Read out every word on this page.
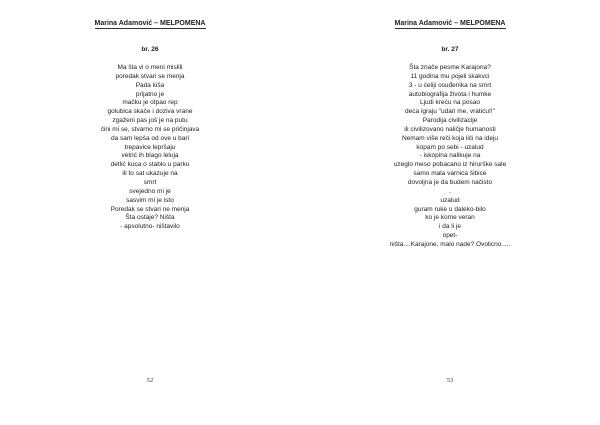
Marina Adamović – MELPOMENA
br. 26
Ma šta vi o meni mislili
poredak stvari se menja
Pada kiša
prijatno je
mačku je otpao rep
golubica skače i doziva vrane
zgaženi pas još je na putu
čini mi se, stvarno mi se pričinjava
da sam lepša od ove u bari
trepavice lepršaju
vetrić ih blago leluja
detlić kuca o stablo u parku
ili to sat ukazuje na
smrt
svejedno mi je
sasvim mi je isto
Poredak se stvari ne menja
Šta ostaje? Ništa
- apsolutno- ništavilo
52
Marina Adamović – MELPOMENA
br. 27
Šta znače pesme Karajona?
11 godina mu pojeli skakvci
3 - u ćeliji osuđenika na smrt
autobiografija života i humke
Ljudi kreću na posao
deca igraju "udari me, vratiću!!"
Parodija civilizacije
ili civilizovano naličje humanosti
Nemam više reči koja liči na ideju
kopam po sebi - uzalud
- iskopina nalikuje na
uzeglo meso pobacano iz hirurške sale
samo mala varnica šibice
dovoljna je da budem načisto
.
uzalud
guram ruke u daleko-bilo
ko je kome veran
i da li je
opet-
ništa....Karajone, malo nade? Ovolicno.....
53
